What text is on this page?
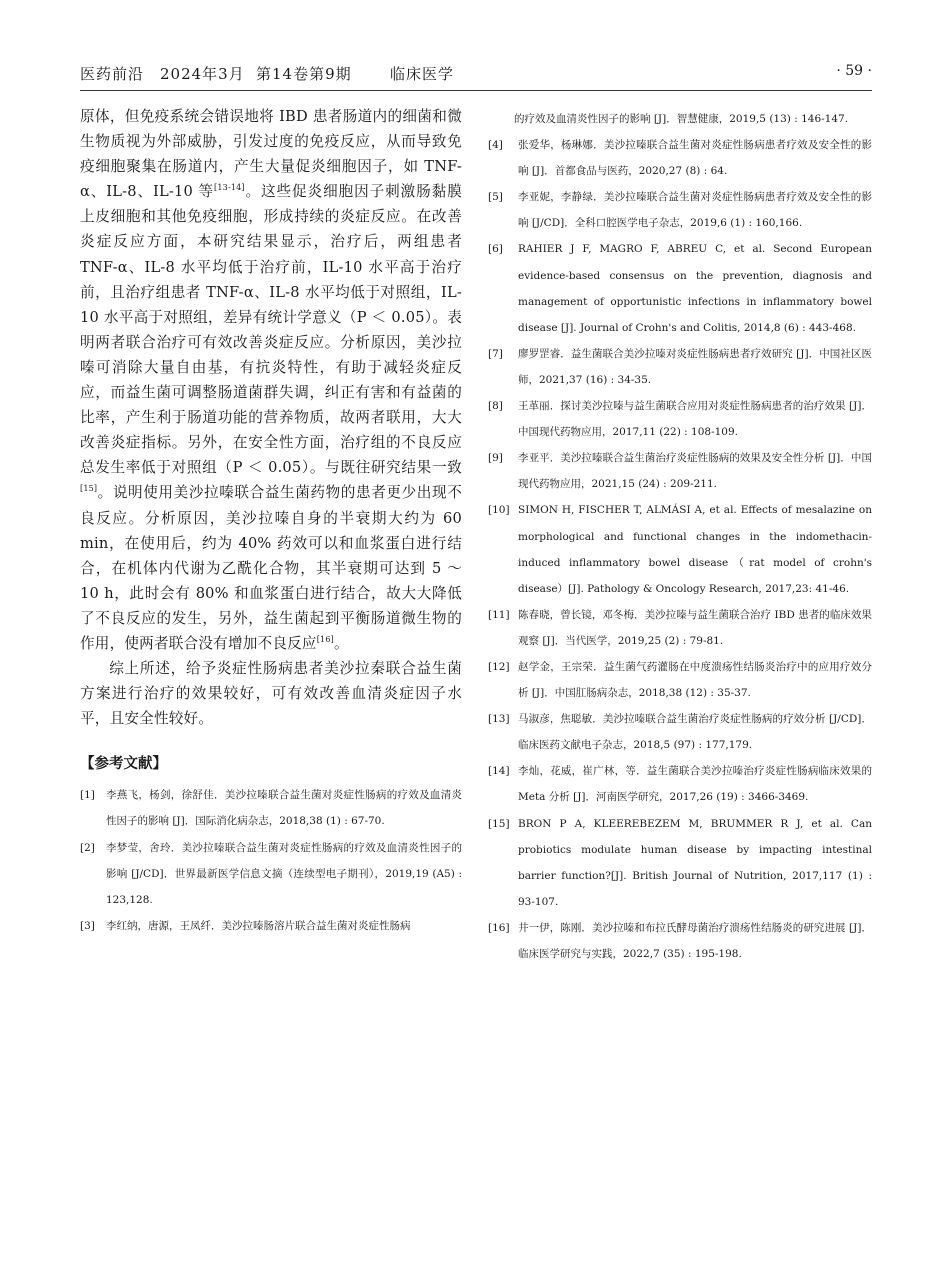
医药前沿 2024年3月 第14卷第9期	临床医学	· 59 ·

原体，但免疫系统会错误地将 IBD 患者肠道内的细菌和微生物质视为外部威胁，引发过度的免疫反应，从而导致免疫细胞聚集在肠道内，产生大量促炎细胞因子，如 TNF-α、IL-8、IL-10 等[13-14]。这些促炎细胞因子刺激肠黏膜上皮细胞和其他免疫细胞，形成持续的炎症反应。在改善炎症反应方面，本研究结果显示，治疗后，两组患者 TNF-α、IL-8 水平均低于治疗前，IL-10 水平高于治疗前，且治疗组患者 TNF-α、IL-8 水平均低于对照组，IL-10 水平高于对照组，差异有统计学意义（P ＜ 0.05）。表明两者联合治疗可有效改善炎症反应。分析原因，美沙拉嗪可消除大量自由基，有抗炎特性，有助于减轻炎症反应，而益生菌可调整肠道菌群失调，纠正有害和有益菌的比率，产生利于肠道功能的营养物质，故两者联用，大大改善炎症指标。另外，在安全性方面，治疗组的不良反应总发生率低于对照组（P ＜ 0.05）。与既往研究结果一致[15]。说明使用美沙拉嗪联合益生菌药物的患者更少出现不良反应。分析原因，美沙拉嗪自身的半衰期大约为 60 min，在使用后，约为 40% 药效可以和血浆蛋白进行结合，在机体内代谢为乙酰化合物，其半衰期可达到 5 ～ 10 h，此时会有 80% 和血浆蛋白进行结合，故大大降低了不良反应的发生，另外，益生菌起到平衡肠道微生物的作用，使两者联合没有增加不良反应[16]。

综上所述，给予炎症性肠病患者美沙拉秦联合益生菌方案进行治疗的效果较好，可有效改善血清炎症因子水平，且安全性较好。

【参考文献】
[1] 李燕飞，杨剑，徐舒佳．美沙拉嗪联合益生菌对炎症性肠病的疗效及血清炎性因子的影响 [J]．国际消化病杂志，2018,38 (1) : 67-70.
[2] 李梦莹，舍玲．美沙拉嗪联合益生菌对炎症性肠病的疗效及血清炎性因子的影响 [J/CD]．世界最新医学信息文摘（连续型电子期刊），2019,19 (A5) : 123,128.
[3] 李红纳，唐源，王凤纤．美沙拉嗪肠溶片联合益生菌对炎症性肠病
的疗效及血清炎性因子的影响 [J]．智慧健康，2019,5 (13) : 146-147.
[4] 张爱华，杨琳娜．美沙拉嗪联合益生菌对炎症性肠病患者疗效及安全性的影响 [J]．首都食品与医药，2020,27 (8) : 64.
[5] 李亚妮，李静绿．美沙拉嗪联合益生菌对炎症性肠病患者疗效及安全性的影响 [J/CD]．全科口腔医学电子杂志，2019,6 (1) : 160,166.
[6] RAHIER J F, MAGRO F, ABREU C, et al. Second European evidence-based consensus on the prevention, diagnosis and management of opportunistic infections in inflammatory bowel disease [J]. Journal of Crohn's and Colitis, 2014,8 (6) : 443-468.
[7] 廖罗罡睿．益生菌联合美沙拉嗪对炎症性肠病患者疗效研究 [J]．中国社区医师，2021,37 (16) : 34-35.
[8] 王革丽．探讨美沙拉嗪与益生菌联合应用对炎症性肠病患者的治疗效果 [J]．中国现代药物应用，2017,11 (22) : 108-109.
[9] 李亚平．美沙拉嗪联合益生菌治疗炎症性肠病的效果及安全性分析 [J]．中国现代药物应用，2021,15 (24) : 209-211.
[10] SIMON H, FISCHER T, ALMÁSI A, et al. Effects of mesalazine on morphological and functional changes in the indomethacin-induced inflammatory bowel disease（rat model of crohn's disease）[J]. Pathology & Oncology Research, 2017,23: 41-46.
[11] 陈春晓，曾长镜，邓冬梅．美沙拉嗪与益生菌联合治疗 IBD 患者的临床效果观察 [J]．当代医学，2019,25 (2) : 79-81.
[12] 赵学金，王宗荣．益生菌气药灌肠在中度溃疡性结肠炎治疗中的应用疗效分析 [J]．中国肛肠病杂志，2018,38 (12) : 35-37.
[13] 马淑彦，焦聪敏．美沙拉嗪联合益生菌治疗炎症性肠病的疗效分析 [J/CD]．临床医药文献电子杂志，2018,5 (97) : 177,179.
[14] 李灿，花威，崔广林，等．益生菌联合美沙拉嗪治疗炎症性肠病临床效果的 Meta 分析 [J]．河南医学研究，2017,26 (19) : 3466-3469.
[15] BRON P A, KLEEREBEZEM M, BRUMMER R J, et al. Can probiotics modulate human disease by impacting intestinal barrier function?[J]. British Journal of Nutrition, 2017,117 (1) : 93-107.
[16] 井一伊，陈刚．美沙拉嗪和布拉氏酵母菌治疗溃疡性结肠炎的研究进展 [J]．临床医学研究与实践，2022,7 (35) : 195-198.
